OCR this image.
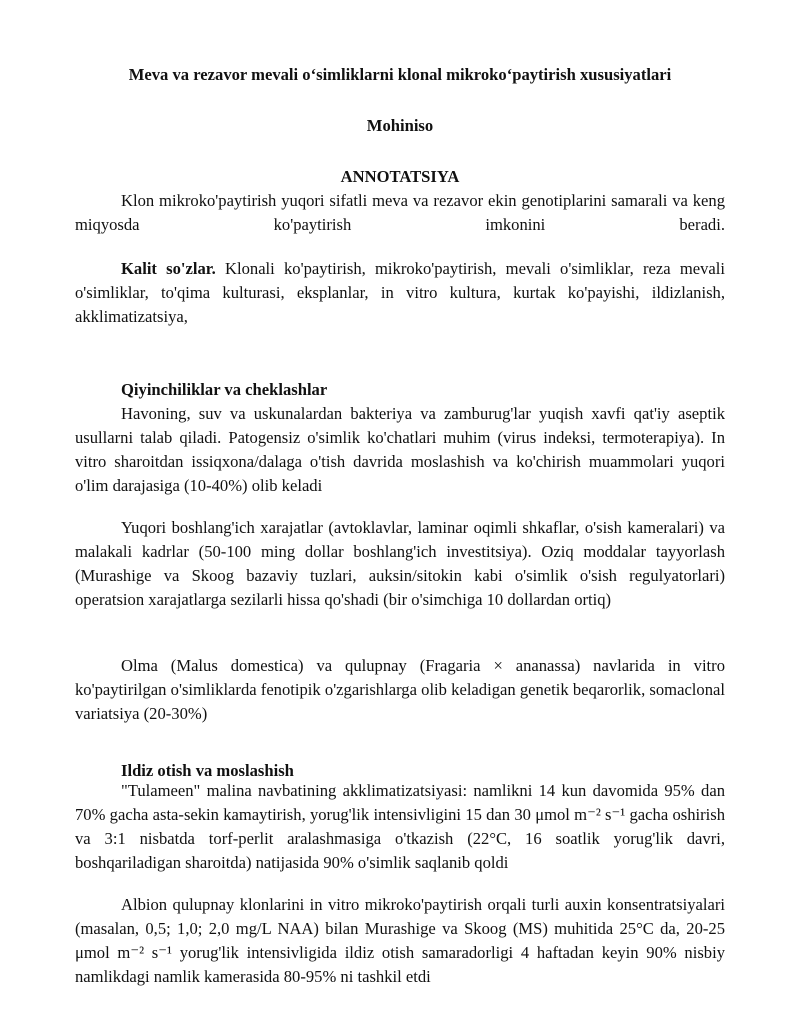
Meva va rezavor mevali o‘simliklarni klonal mikroko‘paytirish xususiyatlari

Mohiniso

ANNOTATSIYA

Klon mikroko'paytirish yuqori sifatli meva va rezavor ekin genotiplarini samarali va keng miqyosda ko'paytirish imkonini beradi.

Kalit so'zlar. Klonali ko'paytirish, mikroko'paytirish, mevali o'simliklar, reza mevali o'simliklar, to'qima kulturasi, eksplanlar, in vitro kultura, kurtak ko'payishi, ildizlanish, akklimatizatsiya,

Qiyinchiliklar va cheklashlar

Havoning, suv va uskunalardan bakteriya va zamburug'lar yuqish xavfi qat'iy aseptik usullarni talab qiladi. Patogensiz o'simlik ko'chatlari muhim (virus indeksi, termoterapiya). In vitro sharoitdan issiqxona/dalaga o'tish davrida moslashish va ko'chirish muammolari yuqori o'lim darajasiga (10-40%) olib keladi

Yuqori boshlang'ich xarajatlar (avtoklavlar, laminar oqimli shkaflar, o'sish kameralari) va malakali kadrlar (50-100 ming dollar boshlang'ich investitsiya). Oziq moddalar tayyorlash (Murashige va Skoog bazaviy tuzlari, auksin/sitokin kabi o'simlik o'sish regulyatorlari) operatsion xarajatlarga sezilarli hissa qo'shadi (bir o'simchiga 10 dollardan ortiq)

Olma (Malus domestica) va qulupnay (Fragaria × ananassa) navlarida in vitro ko'paytirilgan o'simliklarda fenotipik o'zgarishlarga olib keladigan genetik beqarorlik, somaclonal variatsiya (20-30%)

Ildiz otish va moslashish

"Tulameen" malina navbatining akklimatizatsiyasi: namlikni 14 kun davomida 95% dan 70% gacha asta-sekin kamaytirish, yorug'lik intensivligini 15 dan 30 μmol m⁻² s⁻¹ gacha oshirish va 3:1 nisbatda torf-perlit aralashmasiga o'tkazish (22°C, 16 soatlik yorug'lik davri, boshqariladigan sharoitda) natijasida 90% o'simlik saqlanib qoldi

Albion qulupnay klonlarini in vitro mikroko'paytirish orqali turli auxin konsentratsiyalari (masalan, 0,5; 1,0; 2,0 mg/L NAA) bilan Murashige va Skoog (MS) muhitida 25°C da, 20-25 μmol m⁻² s⁻¹ yorug'lik intensivligida ildiz otish samaradorligi 4 haftadan keyin 90% nisbiy namlikdagi namlik kamerasida 80-95% ni tashkil etdi
